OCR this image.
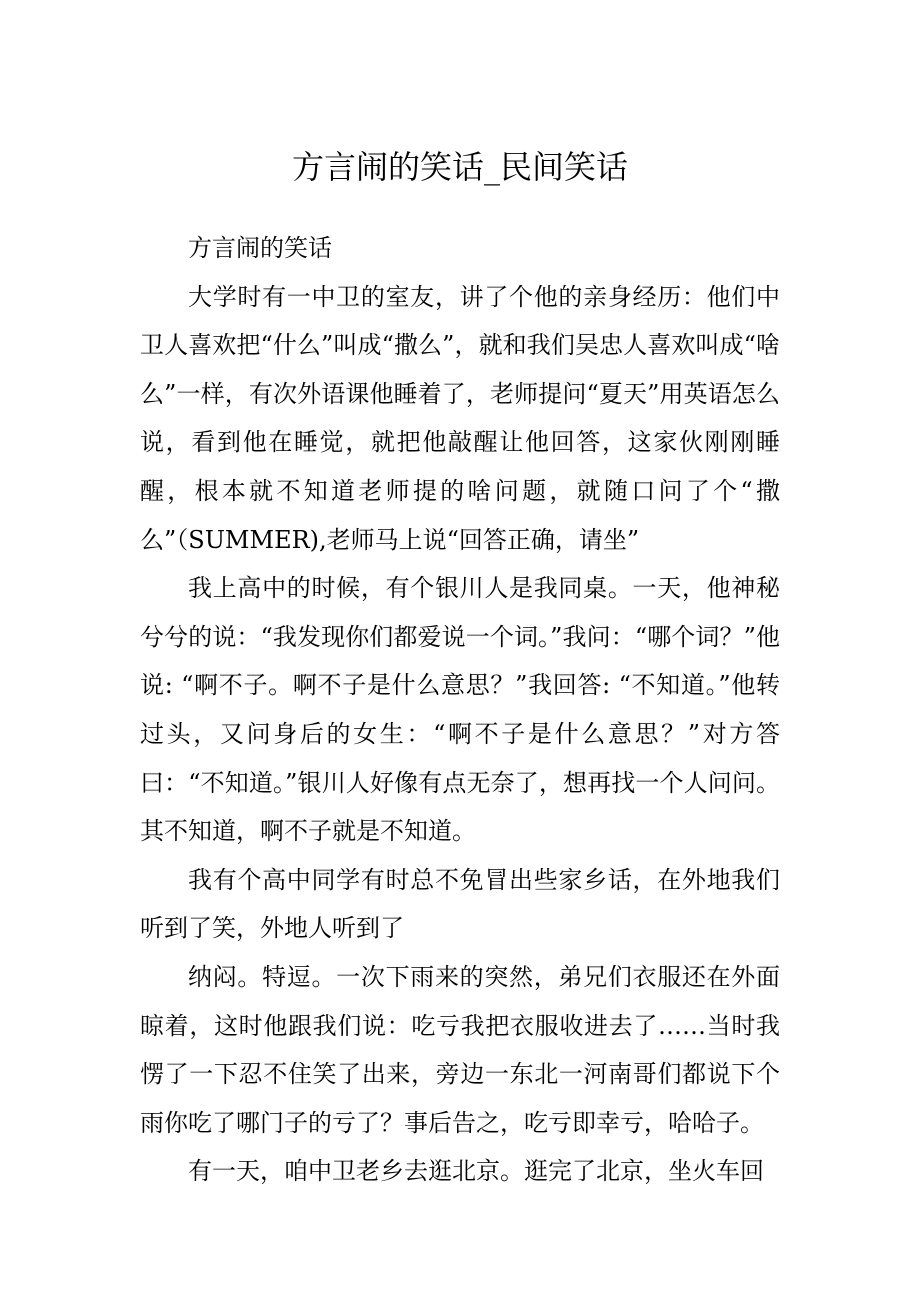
方言闹的笑话_民间笑话

方言闹的笑话

大学时有一中卫的室友，讲了个他的亲身经历：他们中卫人喜欢把“什么”叫成“撒么”，就和我们吴忠人喜欢叫成“啥么”一样，有次外语课他睡着了，老师提问“夏天”用英语怎么说，看到他在睡觉，就把他敲醒让他回答，这家伙刚刚睡醒，根本就不知道老师提的啥问题，就随口问了个“撒么”（SUMMER),老师马上说“回答正确，请坐”

我上高中的时候，有个银川人是我同桌。一天，他神秘兮兮的说：“我发现你们都爱说一个词。”我问：“哪个词？”他说: “啊不子。啊不子是什么意思？”我回答: “不知道。”他转过头，又问身后的女生：“啊不子是什么意思？”对方答曰：“不知道。”银川人好像有点无奈了，想再找一个人问问。其不知道，啊不子就是不知道。

我有个高中同学有时总不免冒出些家乡话，在外地我们听到了笑，外地人听到了

纳闷。特逗。一次下雨来的突然，弟兄们衣服还在外面晾着，这时他跟我们说：吃亏我把衣服收进去了……当时我愣了一下忍不住笑了出来，旁边一东北一河南哥们都说下个雨你吃了哪门子的亏了？事后告之，吃亏即幸亏，哈哈子。

有一天，咱中卫老乡去逛北京。逛完了北京，坐火车回
